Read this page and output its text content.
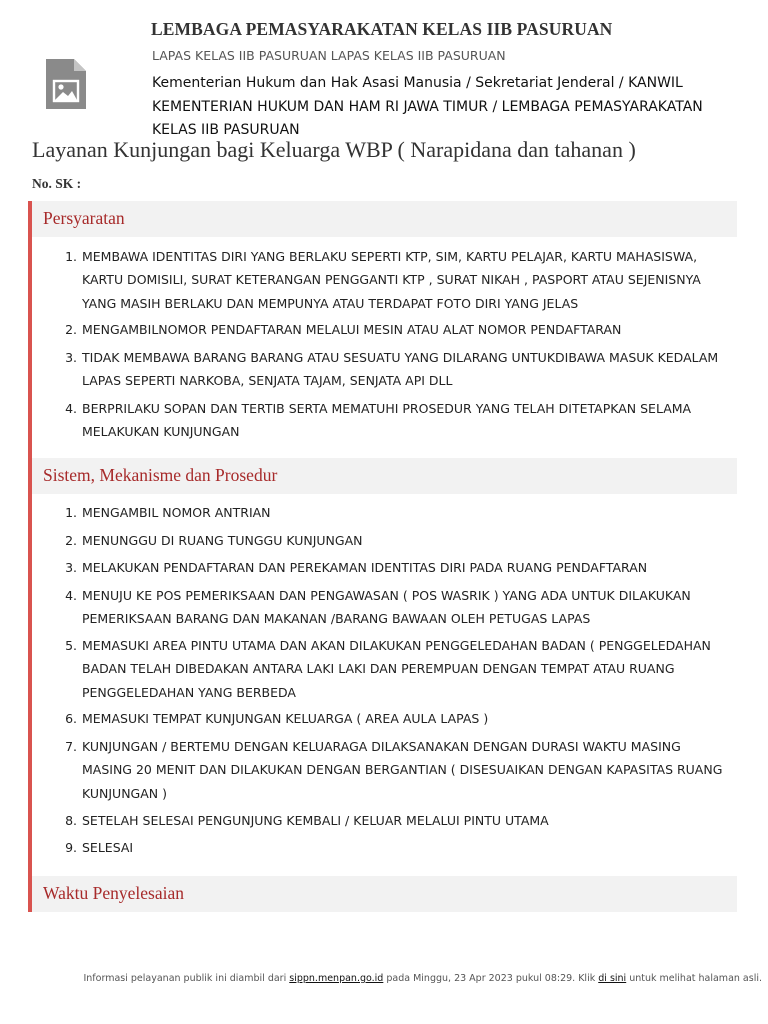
LEMBAGA PEMASYARAKATAN KELAS IIB PASURUAN
LAPAS KELAS IIB PASURUAN LAPAS KELAS IIB PASURUAN
Kementerian Hukum dan Hak Asasi Manusia / Sekretariat Jenderal / KANWIL KEMENTERIAN HUKUM DAN HAM RI JAWA TIMUR / LEMBAGA PEMASYARAKATAN KELAS IIB PASURUAN
Layanan Kunjungan bagi Keluarga WBP ( Narapidana dan tahanan )
No. SK :
Persyaratan
1. MEMBAWA IDENTITAS DIRI YANG BERLAKU SEPERTI KTP, SIM, KARTU PELAJAR, KARTU MAHASISWA, KARTU DOMISILI, SURAT KETERANGAN PENGGANTI KTP , SURAT NIKAH , PASPORT ATAU SEJENISNYA YANG MASIH BERLAKU DAN MEMPUNYA ATAU TERDAPAT FOTO DIRI YANG JELAS
2. MENGAMBILNOMOR PENDAFTARAN MELALUI MESIN ATAU ALAT NOMOR PENDAFTARAN
3. TIDAK MEMBAWA BARANG BARANG ATAU SESUATU YANG DILARANG UNTUKDIBAWA MASUK KEDALAM LAPAS SEPERTI NARKOBA, SENJATA TAJAM, SENJATA API DLL
4. BERPRILAKU SOPAN DAN TERTIB SERTA MEMATUHI PROSEDUR YANG TELAH DITETAPKAN SELAMA MELAKUKAN KUNJUNGAN
Sistem, Mekanisme dan Prosedur
1. MENGAMBIL NOMOR ANTRIAN
2. MENUNGGU DI RUANG TUNGGU KUNJUNGAN
3. MELAKUKAN PENDAFTARAN DAN PEREKAMAN IDENTITAS DIRI PADA RUANG PENDAFTARAN
4. MENUJU KE POS PEMERIKSAAN DAN PENGAWASAN ( POS WASRIK ) YANG ADA UNTUK DILAKUKAN PEMERIKSAAN BARANG DAN MAKANAN /BARANG BAWAAN OLEH PETUGAS LAPAS
5. MEMASUKI AREA PINTU UTAMA DAN AKAN DILAKUKAN PENGGELEDAHAN BADAN ( PENGGELEDAHAN BADAN TELAH DIBEDAKAN ANTARA LAKI LAKI DAN PEREMPUAN DENGAN TEMPAT ATAU RUANG PENGGELEDAHAN YANG BERBEDA
6. MEMASUKI TEMPAT KUNJUNGAN KELUARGA ( AREA AULA LAPAS )
7. KUNJUNGAN / BERTEMU DENGAN KELUARAGA DILAKSANAKAN DENGAN DURASI WAKTU MASING MASING 20 MENIT DAN DILAKUKAN DENGAN BERGANTIAN ( DISESUAIKAN DENGAN KAPASITAS RUANG KUNJUNGAN )
8. SETELAH SELESAI PENGUNJUNG KEMBALI / KELUAR MELALUI PINTU UTAMA
9. SELESAI
Waktu Penyelesaian
Informasi pelayanan publik ini diambil dari sippn.menpan.go.id pada Minggu, 23 Apr 2023 pukul 08:29. Klik di sini untuk melihat halaman asli.
